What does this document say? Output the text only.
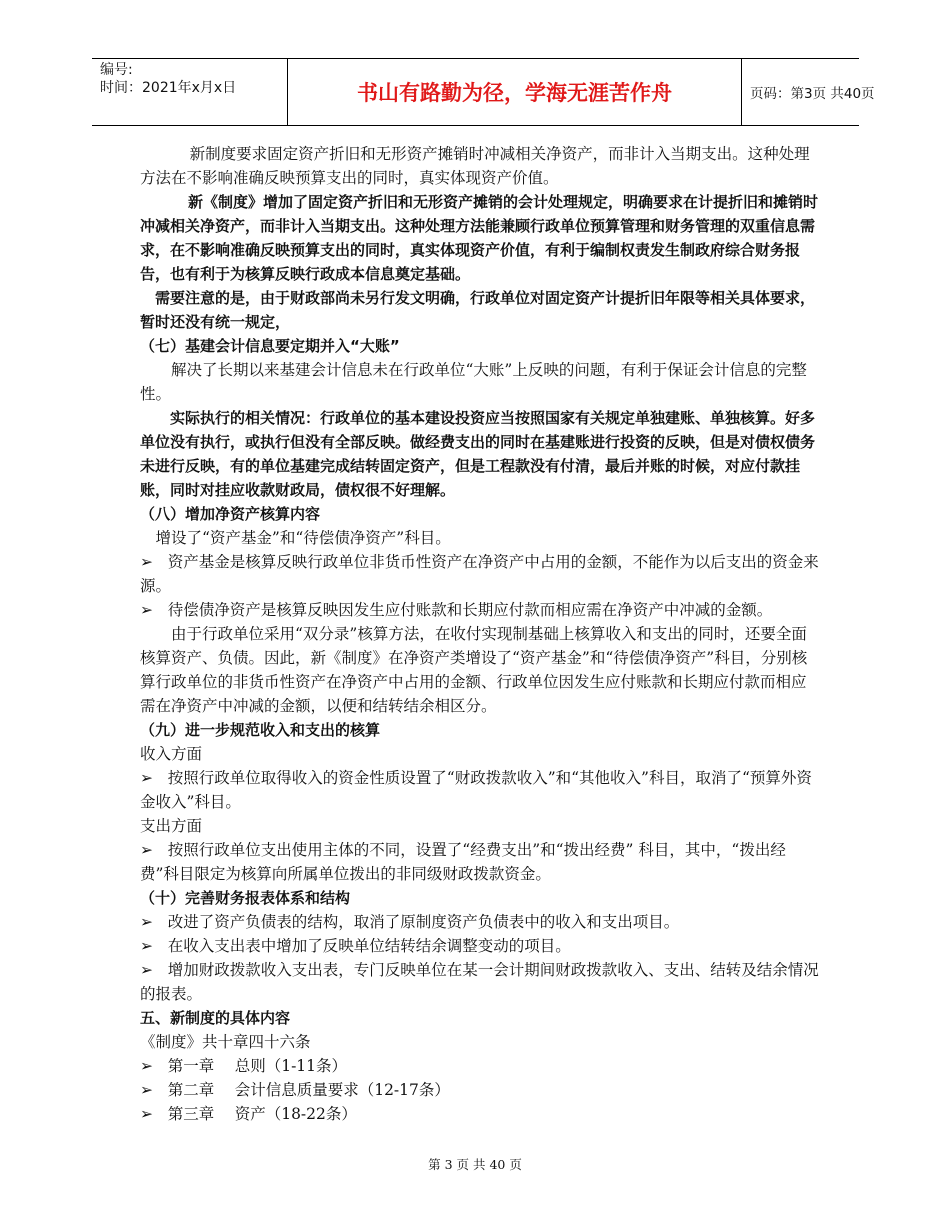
编号:
时间：2021年x月x日	书山有路勤为径，学海无涯苦作舟	页码：第3页 共40页

新制度要求固定资产折旧和无形资产摊销时冲减相关净资产，而非计入当期支出。这种处理方法在不影响准确反映预算支出的同时，真实体现资产价值。

新《制度》增加了固定资产折旧和无形资产摊销的会计处理规定，明确要求在计提折旧和摊销时冲减相关净资产，而非计入当期支出。这种处理方法能兼顾行政单位预算管理和财务管理的双重信息需求，在不影响准确反映预算支出的同时，真实体现资产价值，有利于编制权责发生制政府综合财务报告，也有利于为核算反映行政成本信息奠定基础。

需要注意的是，由于财政部尚未另行发文明确，行政单位对固定资产计提折旧年限等相关具体要求，暂时还没有统一规定，

（七）基建会计信息要定期并入“大账”

解决了长期以来基建会计信息未在行政单位“大账”上反映的问题，有利于保证会计信息的完整性。

实际执行的相关情况：行政单位的基本建设投资应当按照国家有关规定单独建账、单独核算。好多单位没有执行，或执行但没有全部反映。做经费支出的同时在基建账进行投资的反映，但是对债权债务未进行反映，有的单位基建完成结转固定资产，但是工程款没有付清，最后并账的时候，对应付款挂账，同时对挂应收款财政局，债权很不好理解。

（八）增加净资产核算内容

增设了“资产基金”和“待偿债净资产”科目。

➢ 资产基金是核算反映行政单位非货币性资产在净资产中占用的金额，不能作为以后支出的资金来源。

➢ 待偿债净资产是核算反映因发生应付账款和长期应付款而相应需在净资产中冲减的金额。

由于行政单位采用“双分录”核算方法，在收付实现制基础上核算收入和支出的同时，还要全面核算资产、负债。因此，新《制度》在净资产类增设了“资产基金”和“待偿债净资产”科目，分别核算行政单位的非货币性资产在净资产中占用的金额、行政单位因发生应付账款和长期应付款而相应需在净资产中冲减的金额，以便和结转结余相区分。

（九）进一步规范收入和支出的核算

收入方面

➢ 按照行政单位取得收入的资金性质设置了“财政拨款收入”和“其他收入”科目，取消了“预算外资金收入”科目。

支出方面

➢ 按照行政单位支出使用主体的不同，设置了“经费支出”和“拨出经费” 科目，其中，“拨出经费”科目限定为核算向所属单位拨出的非同级财政拨款资金。

（十）完善财务报表体系和结构

➢ 改进了资产负债表的结构，取消了原制度资产负债表中的收入和支出项目。

➢ 在收入支出表中增加了反映单位结转结余调整变动的项目。

➢ 增加财政拨款收入支出表，专门反映单位在某一会计期间财政拨款收入、支出、结转及结余情况的报表。

五、新制度的具体内容

《制度》共十章四十六条

➢ 第一章　 总则（1-11条）

➢ 第二章　 会计信息质量要求（12-17条）

➢ 第三章　 资产（18-22条）

第 3 页 共 40 页
